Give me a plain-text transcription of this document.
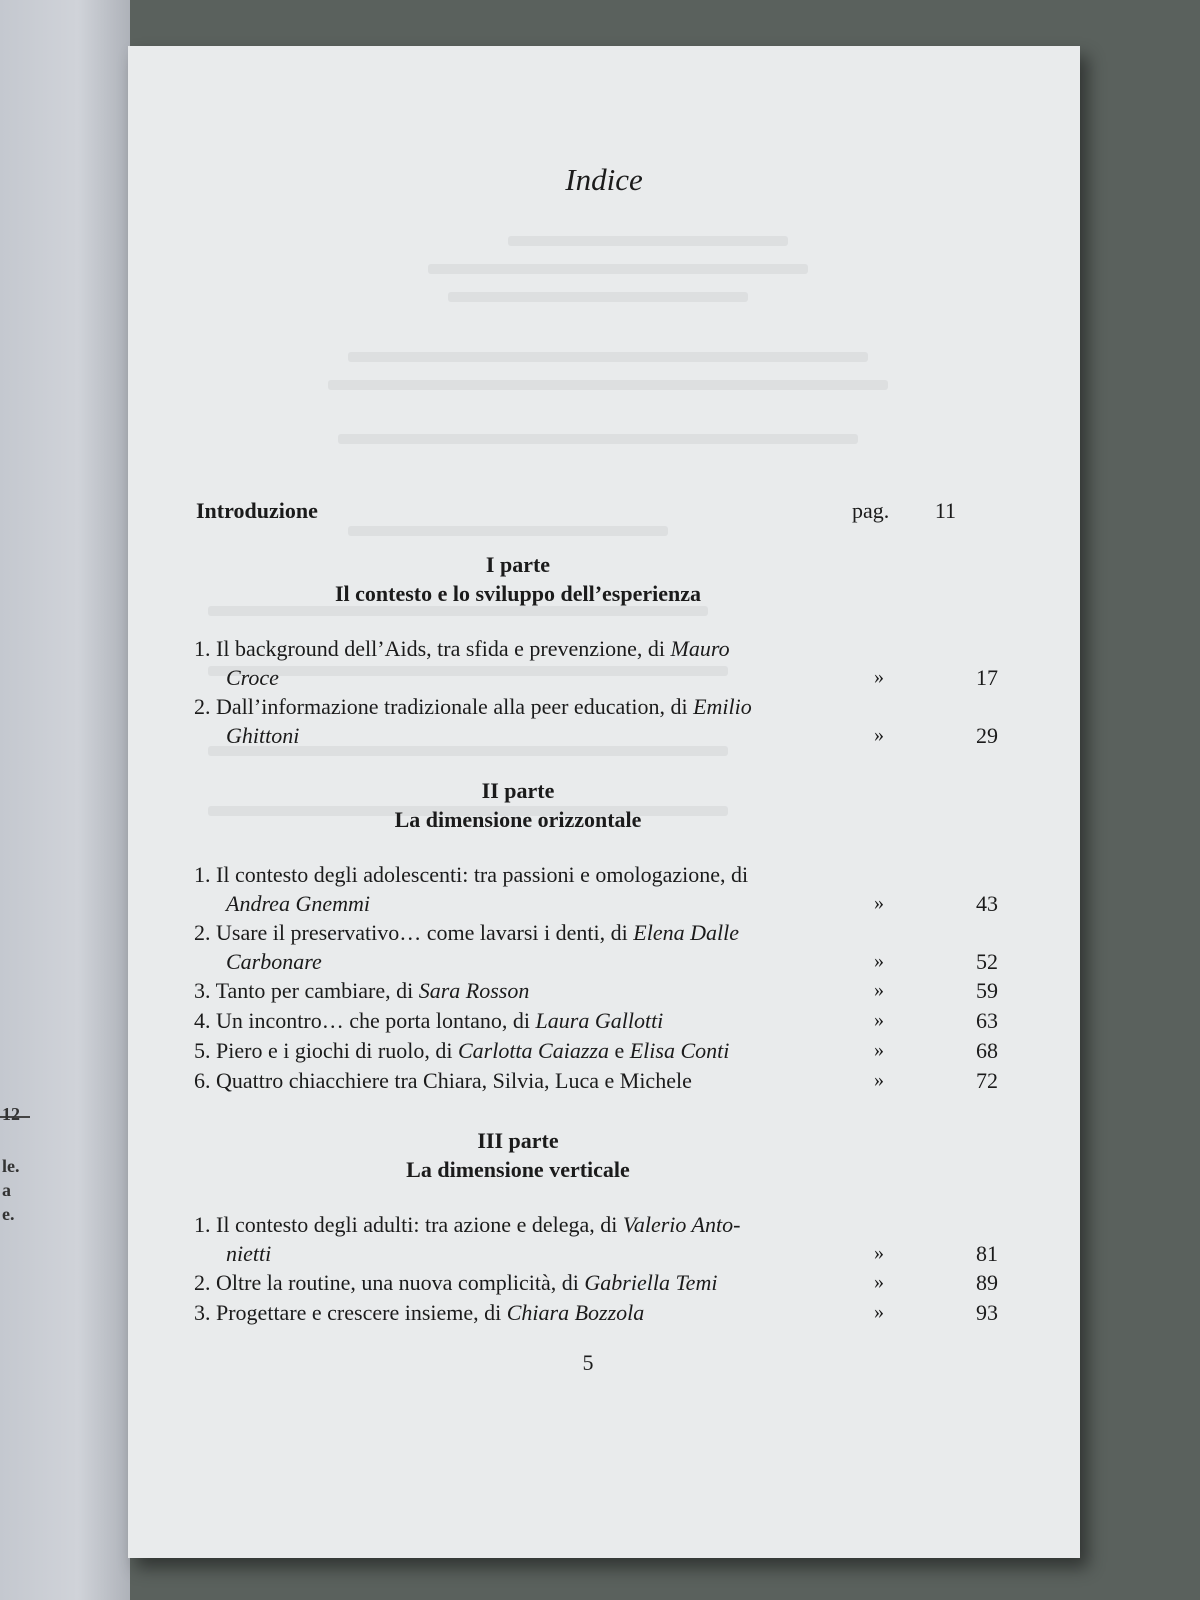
12
le.
a
e.
Indice
Introduzione	pag. 11
I parte
Il contesto e lo sviluppo dell’esperienza
1. Il background dell’Aids, tra sfida e prevenzione, di Mauro
Croce	»	17
2. Dall’informazione tradizionale alla peer education, di Emilio
Ghittoni	»	29
II parte
La dimensione orizzontale
1. Il contesto degli adolescenti: tra passioni e omologazione, di
Andrea Gnemmi	»	43
2. Usare il preservativo… come lavarsi i denti, di Elena Dalle
Carbonare	»	52
3. Tanto per cambiare, di Sara Rosson	»	59
4. Un incontro… che porta lontano, di Laura Gallotti	»	63
5. Piero e i giochi di ruolo, di Carlotta Caiazza e Elisa Conti	»	68
6. Quattro chiacchiere tra Chiara, Silvia, Luca e Michele	»	72
III parte
La dimensione verticale
1. Il contesto degli adulti: tra azione e delega, di Valerio Anto-
nietti	»	81
2. Oltre la routine, una nuova complicità, di Gabriella Temi	»	89
3. Progettare e crescere insieme, di Chiara Bozzola	»	93
5
